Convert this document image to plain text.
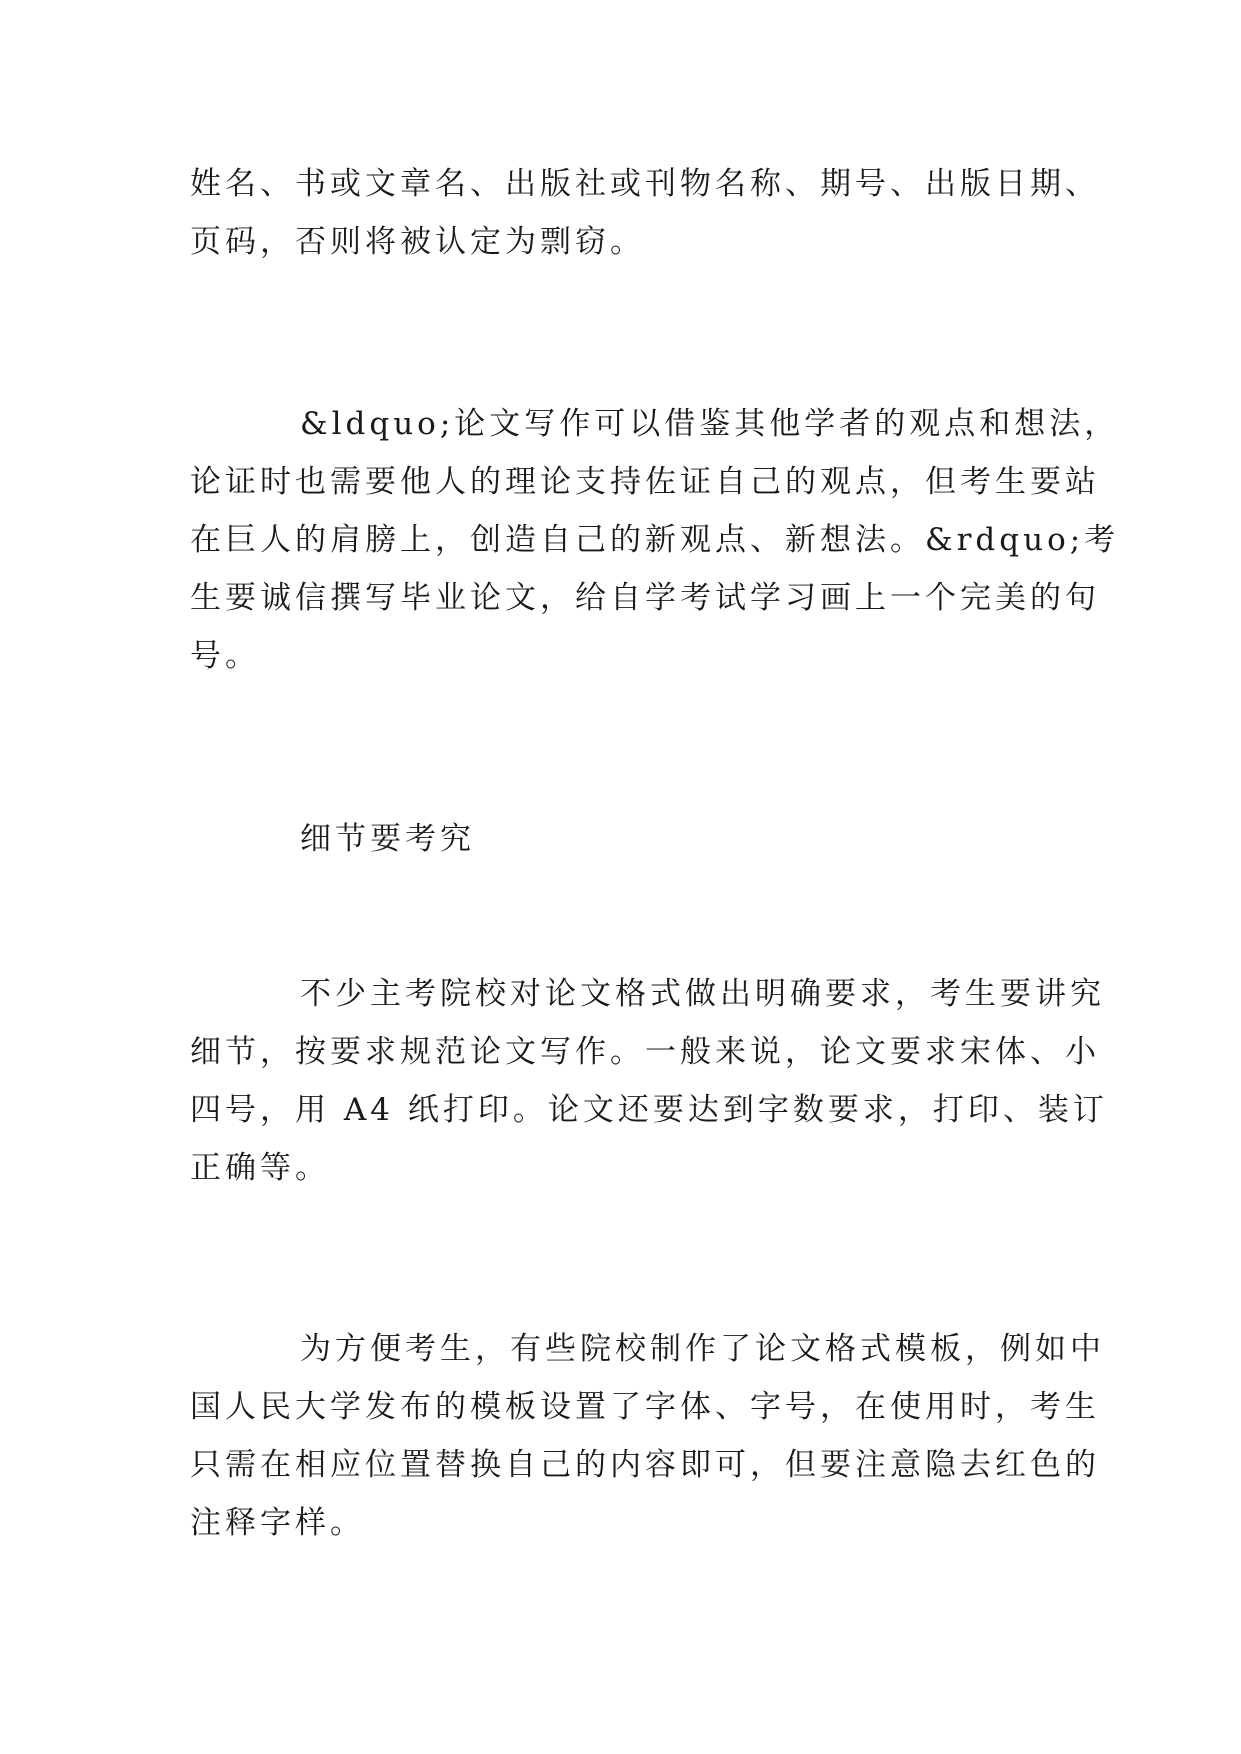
姓名、书或文章名、出版社或刊物名称、期号、出版日期、
页码，否则将被认定为剽窃。
&ldquo;论文写作可以借鉴其他学者的观点和想法，
论证时也需要他人的理论支持佐证自己的观点，但考生要站
在巨人的肩膀上，创造自己的新观点、新想法。&rdquo;考
生要诚信撰写毕业论文，给自学考试学习画上一个完美的句
号。
细节要考究
不少主考院校对论文格式做出明确要求，考生要讲究
细节，按要求规范论文写作。一般来说，论文要求宋体、小
四号，用 A4 纸打印。论文还要达到字数要求，打印、装订
正确等。
为方便考生，有些院校制作了论文格式模板，例如中
国人民大学发布的模板设置了字体、字号，在使用时，考生
只需在相应位置替换自己的内容即可，但要注意隐去红色的
注释字样。
